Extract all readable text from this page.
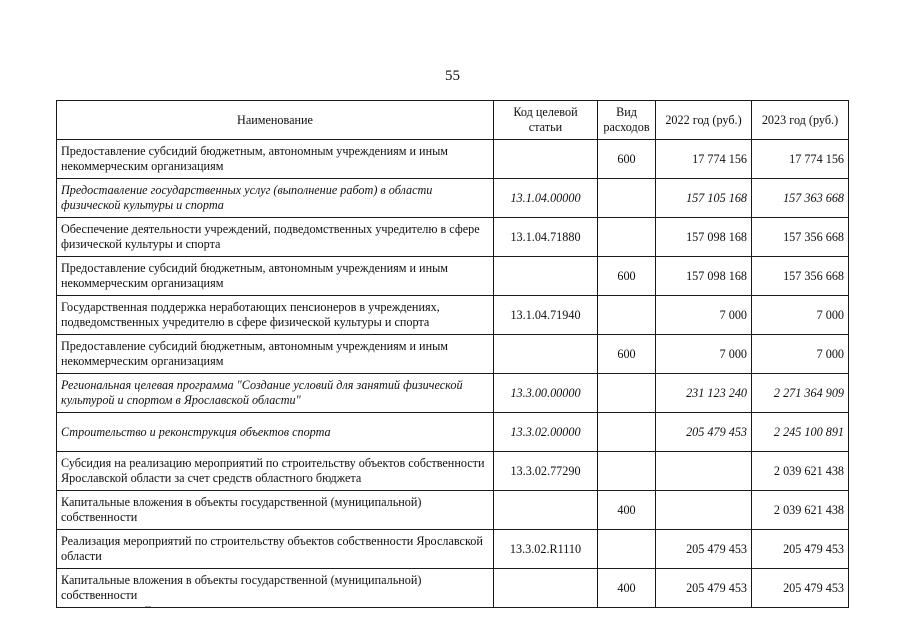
55
Наименование	Код целевой статьи	Вид расходов	2022 год (руб.)	2023 год (руб.)
Предоставление субсидий бюджетным, автономным учреждениям и иным некоммерческим организациям		600	17 774 156	17 774 156
Предоставление государственных услуг (выполнение работ) в области физической культуры и спорта	13.1.04.00000		157 105 168	157 363 668
Обеспечение деятельности учреждений, подведомственных учредителю в сфере физической культуры и спорта	13.1.04.71880		157 098 168	157 356 668
Предоставление субсидий бюджетным, автономным учреждениям и иным некоммерческим организациям		600	157 098 168	157 356 668
Государственная поддержка неработающих пенсионеров в учреждениях, подведомственных учредителю в сфере физической культуры и спорта	13.1.04.71940		7 000	7 000
Предоставление субсидий бюджетным, автономным учреждениям и иным некоммерческим организациям		600	7 000	7 000
Региональная целевая программа "Создание условий для занятий физической культурой и спортом в Ярославской области"	13.3.00.00000		231 123 240	2 271 364 909
Строительство и реконструкция объектов спорта	13.3.02.00000		205 479 453	2 245 100 891
Субсидия на реализацию мероприятий по строительству объектов собственности Ярославской области за счет средств областного бюджета	13.3.02.77290			2 039 621 438
Капитальные вложения в объекты государственной (муниципальной) собственности		400		2 039 621 438
Реализация мероприятий по строительству объектов собственности Ярославской области	13.3.02.R1110		205 479 453	205 479 453
Капитальные вложения в объекты государственной (муниципальной) собственности		400	205 479 453	205 479 453
